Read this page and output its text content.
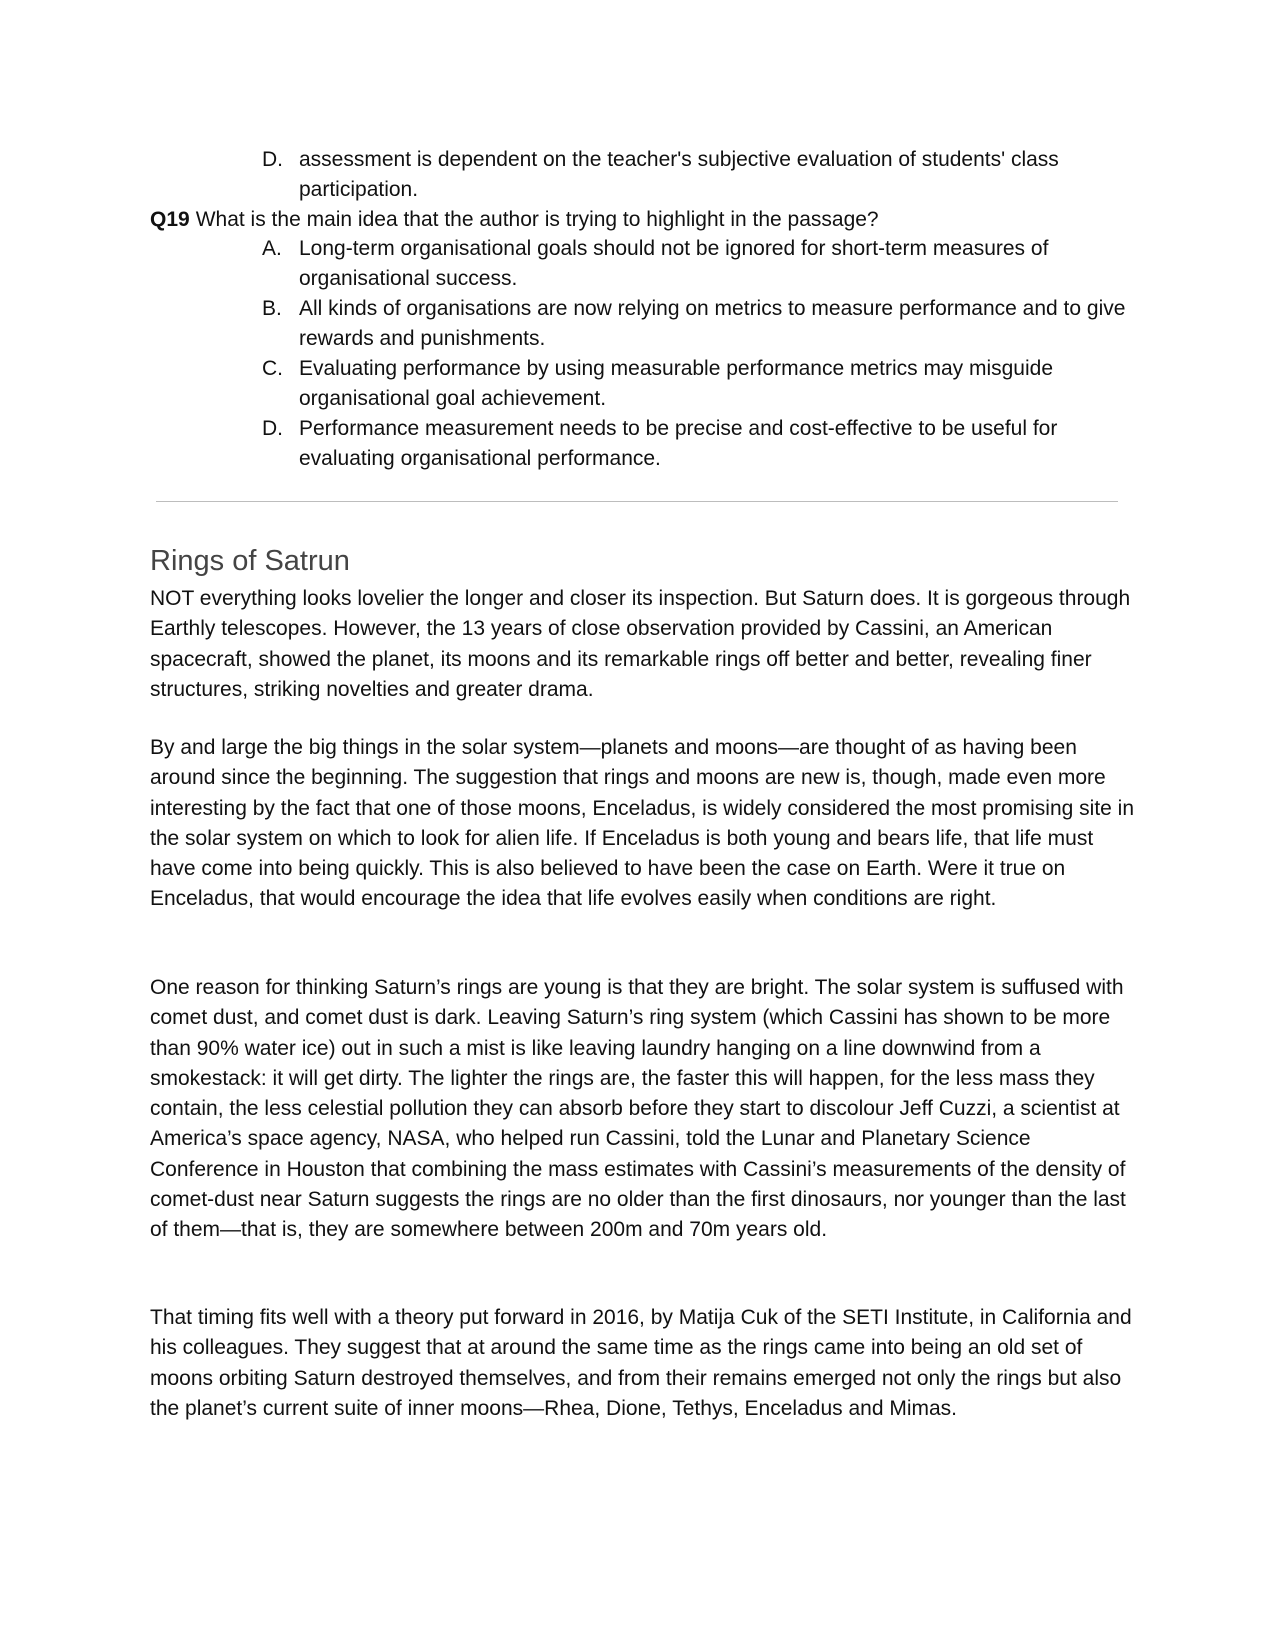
D. assessment is dependent on the teacher's subjective evaluation of students' class participation.
Q19 What is the main idea that the author is trying to highlight in the passage?
A. Long-term organisational goals should not be ignored for short-term measures of organisational success.
B. All kinds of organisations are now relying on metrics to measure performance and to give rewards and punishments.
C. Evaluating performance by using measurable performance metrics may misguide organisational goal achievement.
D. Performance measurement needs to be precise and cost-effective to be useful for evaluating organisational performance.
Rings of Satrun

NOT everything looks lovelier the longer and closer its inspection. But Saturn does. It is gorgeous through Earthly telescopes. However, the 13 years of close observation provided by Cassini, an American spacecraft, showed the planet, its moons and its remarkable rings off better and better, revealing finer structures, striking novelties and greater drama.

By and large the big things in the solar system—planets and moons—are thought of as having been around since the beginning. The suggestion that rings and moons are new is, though, made even more interesting by the fact that one of those moons, Enceladus, is widely considered the most promising site in the solar system on which to look for alien life. If Enceladus is both young and bears life, that life must have come into being quickly. This is also believed to have been the case on Earth. Were it true on Enceladus, that would encourage the idea that life evolves easily when conditions are right.

One reason for thinking Saturn’s rings are young is that they are bright. The solar system is suffused with comet dust, and comet dust is dark. Leaving Saturn’s ring system (which Cassini has shown to be more than 90% water ice) out in such a mist is like leaving laundry hanging on a line downwind from a smokestack: it will get dirty. The lighter the rings are, the faster this will happen, for the less mass they contain, the less celestial pollution they can absorb before they start to discolour Jeff Cuzzi, a scientist at America’s space agency, NASA, who helped run Cassini, told the Lunar and Planetary Science Conference in Houston that combining the mass estimates with Cassini’s measurements of the density of comet-dust near Saturn suggests the rings are no older than the first dinosaurs, nor younger than the last of them—that is, they are somewhere between 200m and 70m years old.

That timing fits well with a theory put forward in 2016, by Matija Cuk of the SETI Institute, in California and his colleagues. They suggest that at around the same time as the rings came into being an old set of moons orbiting Saturn destroyed themselves, and from their remains emerged not only the rings but also the planet’s current suite of inner moons—Rhea, Dione, Tethys, Enceladus and Mimas.
